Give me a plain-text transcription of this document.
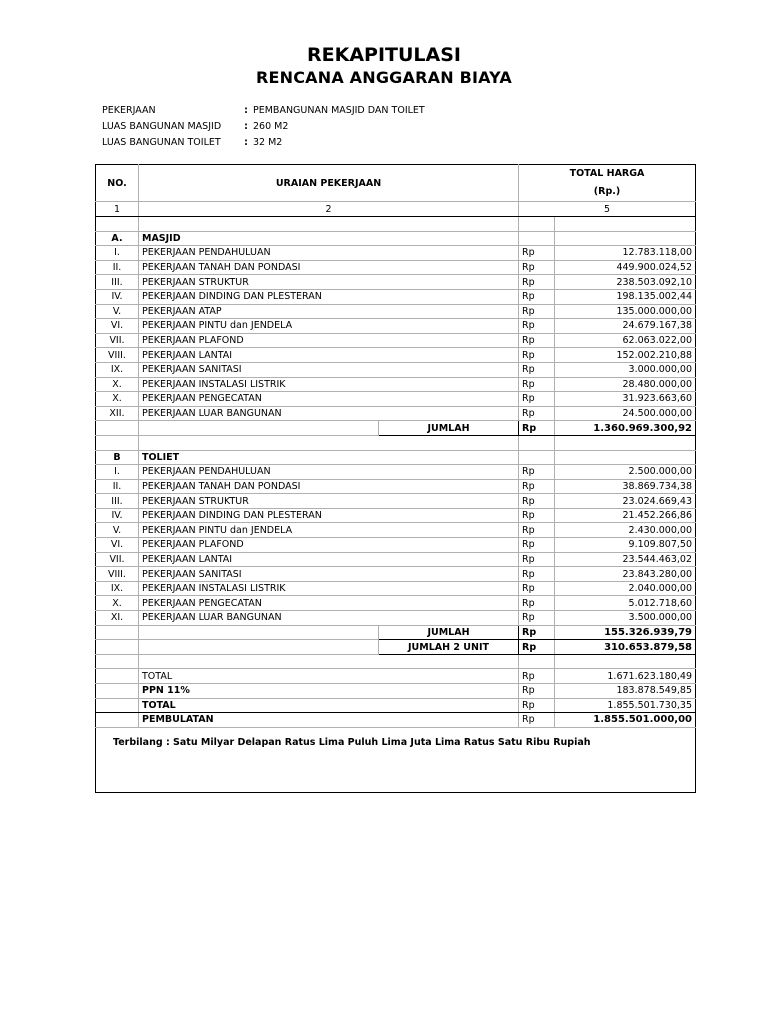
REKAPITULASI
RENCANA ANGGARAN BIAYA
PEKERJAAN	: PEMBANGUNAN MASJID DAN TOILET
LUAS BANGUNAN MASJID : 260 M2
LUAS BANGUNAN TOILET : 32 M2
NO.	URAIAN PEKERJAAN		TOTAL HARGA
(Rp.)	

1	2		5	

A.	MASJID			
I.	PEKERJAAN PENDAHULUAN		Rp	12.783.118,00
II.	PEKERJAAN TANAH DAN PONDASI		Rp	449.900.024,52
III.	PEKERJAAN STRUKTUR		Rp	238.503.092,10
IV.	PEKERJAAN DINDING DAN PLESTERAN		Rp	198.135.002,44
V.	PEKERJAAN ATAP		Rp	135.000.000,00
VI.	PEKERJAAN PINTU dan JENDELA		Rp	24.679.167,38
VII.	PEKERJAAN PLAFOND		Rp	62.063.022,00
VIII.	PEKERJAAN LANTAI		Rp	152.002.210,88
IX.	PEKERJAAN SANITASI		Rp	3.000.000,00
X.	PEKERJAAN INSTALASI LISTRIK		Rp	28.480.000,00
X.	PEKERJAAN PENGECATAN		Rp	31.923.663,60
XII.	PEKERJAAN LUAR BANGUNAN		Rp	24.500.000,00
		JUMLAH	Rp	1.360.969.300,92

B	TOLIET			
I.	PEKERJAAN PENDAHULUAN		Rp	2.500.000,00
II.	PEKERJAAN TANAH DAN PONDASI		Rp	38.869.734,38
III.	PEKERJAAN STRUKTUR		Rp	23.024.669,43
IV.	PEKERJAAN DINDING DAN PLESTERAN		Rp	21.452.266,86
V.	PEKERJAAN PINTU dan JENDELA		Rp	2.430.000,00
VI.	PEKERJAAN PLAFOND		Rp	9.109.807,50
VII.	PEKERJAAN LANTAI		Rp	23.544.463,02
VIII.	PEKERJAAN SANITASI		Rp	23.843.280,00
IX.	PEKERJAAN INSTALASI LISTRIK		Rp	2.040.000,00
X.	PEKERJAAN PENGECATAN		Rp	5.012.718,60
XI.	PEKERJAAN LUAR BANGUNAN		Rp	3.500.000,00
		JUMLAH	Rp	155.326.939,79
		JUMLAH 2 UNIT	Rp	310.653.879,58

	TOTAL		Rp	1.671.623.180,49
	PPN 11%		Rp	183.878.549,85
	TOTAL		Rp	1.855.501.730,35
	PEMBULATAN		Rp	1.855.501.000,00
Terbilang : Satu Milyar Delapan Ratus Lima Puluh Lima Juta Lima Ratus Satu Ribu Rupiah				
